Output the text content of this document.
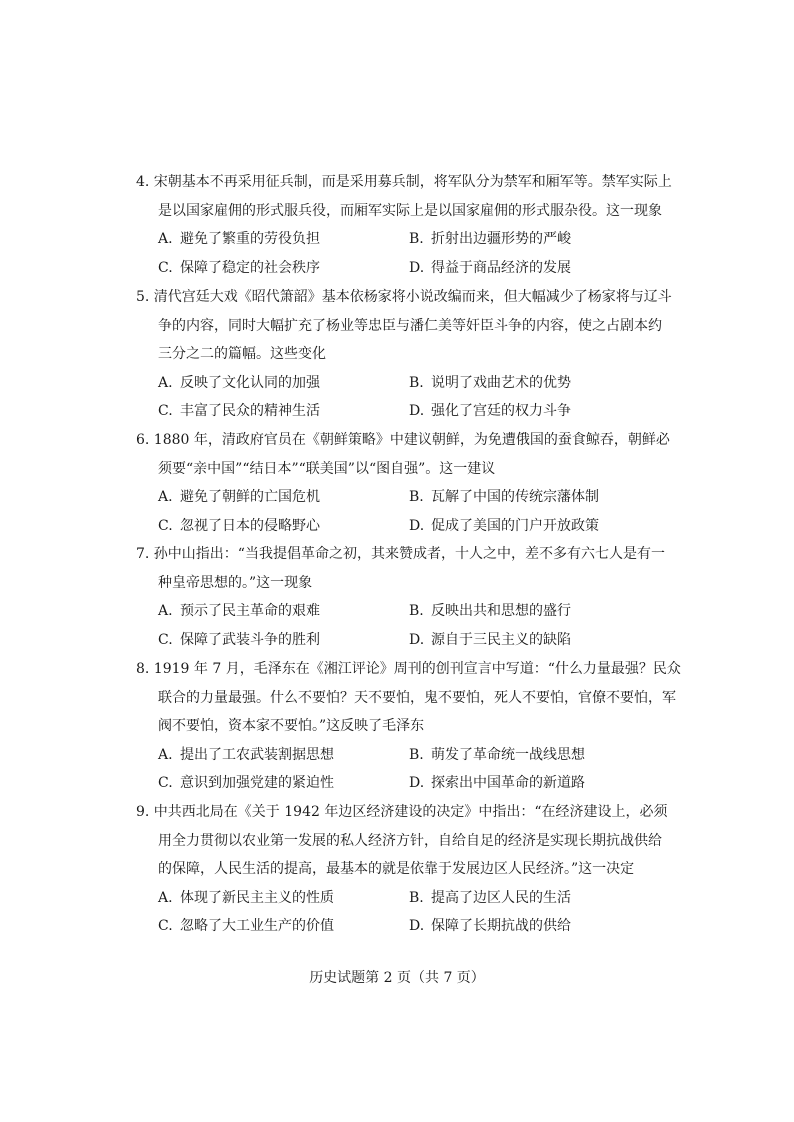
4. 宋朝基本不再采用征兵制，而是采用募兵制，将军队分为禁军和厢军等。禁军实际上
是以国家雇佣的形式服兵役，而厢军实际上是以国家雇佣的形式服杂役。这一现象
A. 避免了繁重的劳役负担	B. 折射出边疆形势的严峻
C. 保障了稳定的社会秩序	D. 得益于商品经济的发展
5. 清代宫廷大戏《昭代箫韶》基本依杨家将小说改编而来，但大幅减少了杨家将与辽斗
争的内容，同时大幅扩充了杨业等忠臣与潘仁美等奸臣斗争的内容，使之占剧本约
三分之二的篇幅。这些变化
A. 反映了文化认同的加强	B. 说明了戏曲艺术的优势
C. 丰富了民众的精神生活	D. 强化了宫廷的权力斗争
6. 1880 年，清政府官员在《朝鲜策略》中建议朝鲜，为免遭俄国的蚕食鲸吞，朝鲜必
须要“亲中国”“结日本”“联美国”以“图自强”。这一建议
A. 避免了朝鲜的亡国危机	B. 瓦解了中国的传统宗藩体制
C. 忽视了日本的侵略野心	D. 促成了美国的门户开放政策
7. 孙中山指出：“当我提倡革命之初，其来赞成者，十人之中，差不多有六七人是有一
种皇帝思想的。”这一现象
A. 预示了民主革命的艰难	B. 反映出共和思想的盛行
C. 保障了武装斗争的胜利	D. 源自于三民主义的缺陷
8. 1919 年 7 月，毛泽东在《湘江评论》周刊的创刊宣言中写道：“什么力量最强？民众
联合的力量最强。什么不要怕？天不要怕，鬼不要怕，死人不要怕，官僚不要怕，军
阀不要怕，资本家不要怕。”这反映了毛泽东
A. 提出了工农武装割据思想	B. 萌发了革命统一战线思想
C. 意识到加强党建的紧迫性	D. 探索出中国革命的新道路
9. 中共西北局在《关于 1942 年边区经济建设的决定》中指出：“在经济建设上，必须
用全力贯彻以农业第一发展的私人经济方针，自给自足的经济是实现长期抗战供给
的保障，人民生活的提高，最基本的就是依靠于发展边区人民经济。”这一决定
A. 体现了新民主主义的性质	B. 提高了边区人民的生活
C. 忽略了大工业生产的价值	D. 保障了长期抗战的供给
历史试题第 2 页（共 7 页）
